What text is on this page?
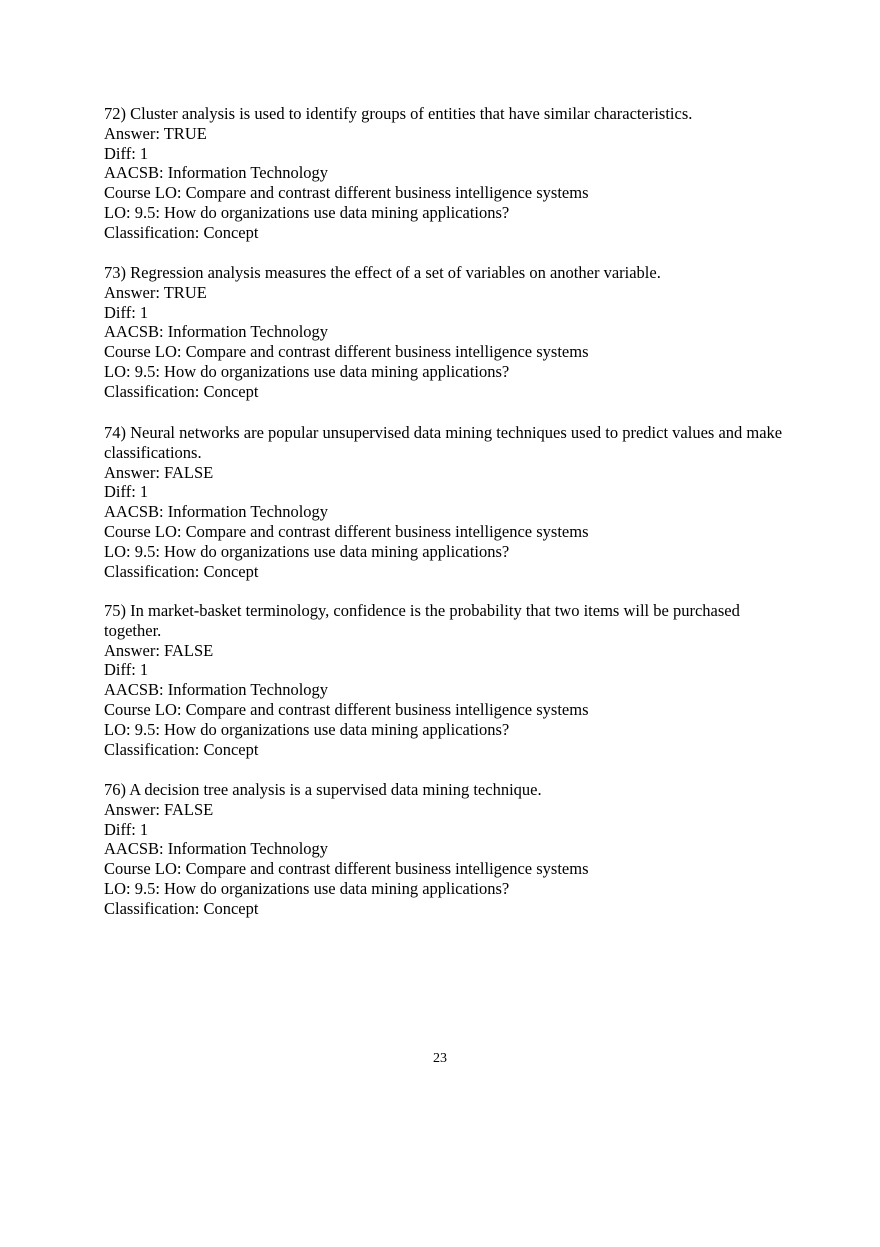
72) Cluster analysis is used to identify groups of entities that have similar characteristics.
Answer: TRUE
Diff: 1
AACSB: Information Technology
Course LO: Compare and contrast different business intelligence systems
LO: 9.5: How do organizations use data mining applications?
Classification: Concept
73) Regression analysis measures the effect of a set of variables on another variable.
Answer: TRUE
Diff: 1
AACSB: Information Technology
Course LO: Compare and contrast different business intelligence systems
LO: 9.5: How do organizations use data mining applications?
Classification: Concept
74) Neural networks are popular unsupervised data mining techniques used to predict values and make classifications.
Answer: FALSE
Diff: 1
AACSB: Information Technology
Course LO: Compare and contrast different business intelligence systems
LO: 9.5: How do organizations use data mining applications?
Classification: Concept
75) In market-basket terminology, confidence is the probability that two items will be purchased together.
Answer: FALSE
Diff: 1
AACSB: Information Technology
Course LO: Compare and contrast different business intelligence systems
LO: 9.5: How do organizations use data mining applications?
Classification: Concept
76) A decision tree analysis is a supervised data mining technique.
Answer: FALSE
Diff: 1
AACSB: Information Technology
Course LO: Compare and contrast different business intelligence systems
LO: 9.5: How do organizations use data mining applications?
Classification: Concept
23
